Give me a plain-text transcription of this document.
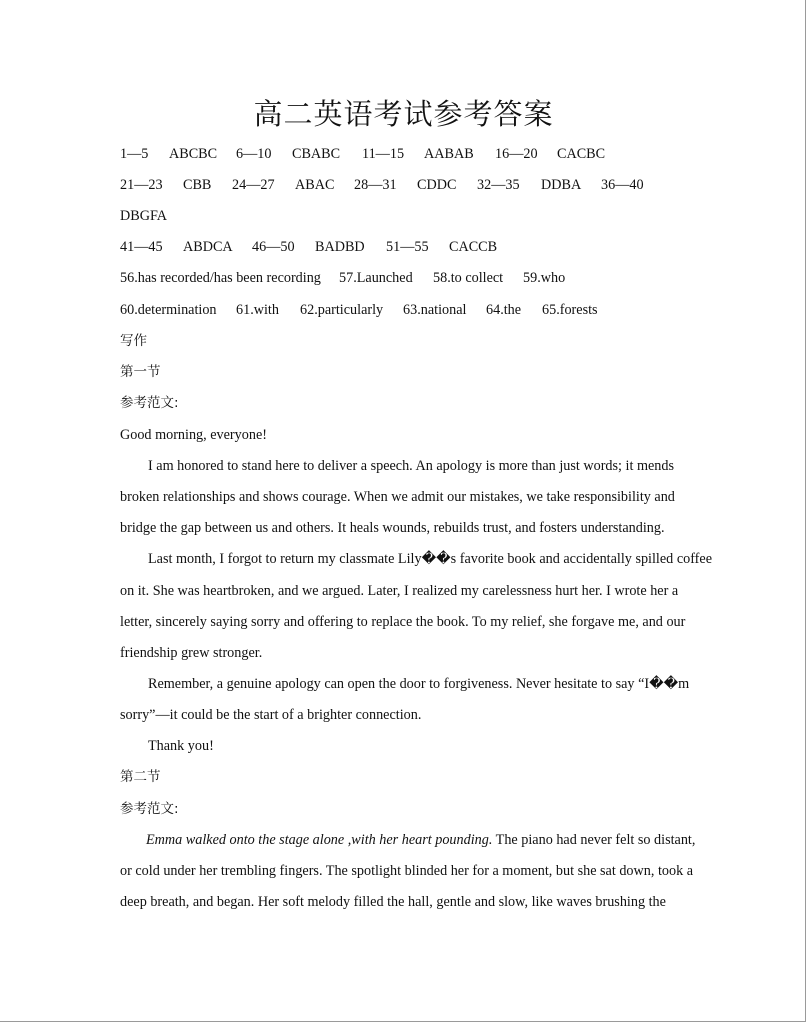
高二英语考试参考答案
1—5 ABCBC 6—10 CBABC 11—15 AABAB 16—20 CACBC
21—23 CBB 24—27 ABAC 28—31 CDDC 32—35 DDBA 36—40
DBGFA
41—45 ABDCA 46—50 BADBD 51—55 CACCB
56.has recorded/has been recording 57.Launched 58.to collect 59.who
60.determination 61.with 62.particularly 63.national 64.the 65.forests
写作
第一节
参考范文:
Good morning, everyone!
I am honored to stand here to deliver a speech. An apology is more than just words; it mends
broken relationships and shows courage. When we admit our mistakes, we take responsibility and
bridge the gap between us and others. It heals wounds, rebuilds trust, and fosters understanding.
Last month, I forgot to return my classmate Lily��s favorite book and accidentally spilled coffee
on it. She was heartbroken, and we argued. Later, I realized my carelessness hurt her. I wrote her a
letter, sincerely saying sorry and offering to replace the book. To my relief, she forgave me, and our
friendship grew stronger.
Remember, a genuine apology can open the door to forgiveness. Never hesitate to say “I��m
sorry”—it could be the start of a brighter connection.
Thank you!
第二节
参考范文:
Emma walked onto the stage alone ,with her heart pounding. The piano had never felt so distant,
or cold under her trembling fingers. The spotlight blinded her for a moment, but she sat down, took a
deep breath, and began. Her soft melody filled the hall, gentle and slow, like waves brushing the
